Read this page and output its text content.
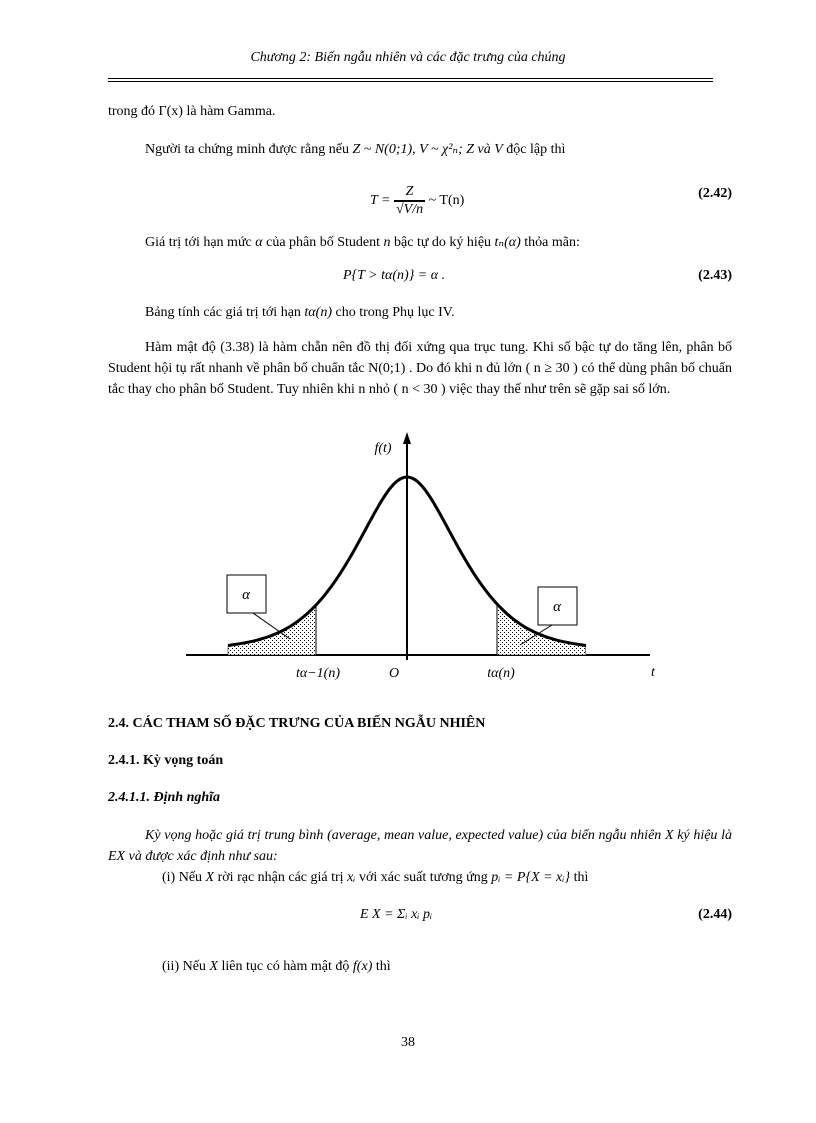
Chương 2: Biến ngẫu nhiên và các đặc trưng của chúng
trong đó Γ(x) là hàm Gamma.
Người ta chứng minh được rằng nếu Z ~ N(0;1), V ~ χ²ₙ; Z và V độc lập thì
$T = \frac{Z}{√V/n}$ ~ T(n)	(2.42)
Giá trị tới hạn mức α của phân bố Student n bậc tự do ký hiệu tₙ(α) thỏa mãn:
P{T > tα(n)} = α .	(2.43)
Bảng tính các giá trị tới hạn tα(n) cho trong Phụ lục IV.
Hàm mật độ (3.38) là hàm chẵn nên đồ thị đối xứng qua trục tung. Khi số bậc tự do tăng lên, phân bố Student hội tụ rất nhanh về phân bố chuẩn tắc N(0;1) . Do đó khi n đủ lớn ( n ≥ 30 ) có thể dùng phân bố chuẩn tắc thay cho phân bố Student. Tuy nhiên khi n nhỏ ( n < 30 ) việc thay thế như trên sẽ gặp sai số lớn.
α
α
f(t)
tα−1(n)	O	tα(n)	t
2.4. CÁC THAM SỐ ĐẶC TRƯNG CỦA BIẾN NGẪU NHIÊN
2.4.1. Kỳ vọng toán
2.4.1.1. Định nghĩa
Kỳ vọng hoặc giá trị trung bình (average, mean value, expected value) của biến ngẫu nhiên X ký hiệu là EX và được xác định như sau:
(i) Nếu X rời rạc nhận các giá trị xᵢ với xác suất tương ứng pᵢ = P{X = xᵢ} thì
E X = Σᵢ xᵢ pᵢ	(2.44)
(ii) Nếu X liên tục có hàm mật độ f(x) thì
38
